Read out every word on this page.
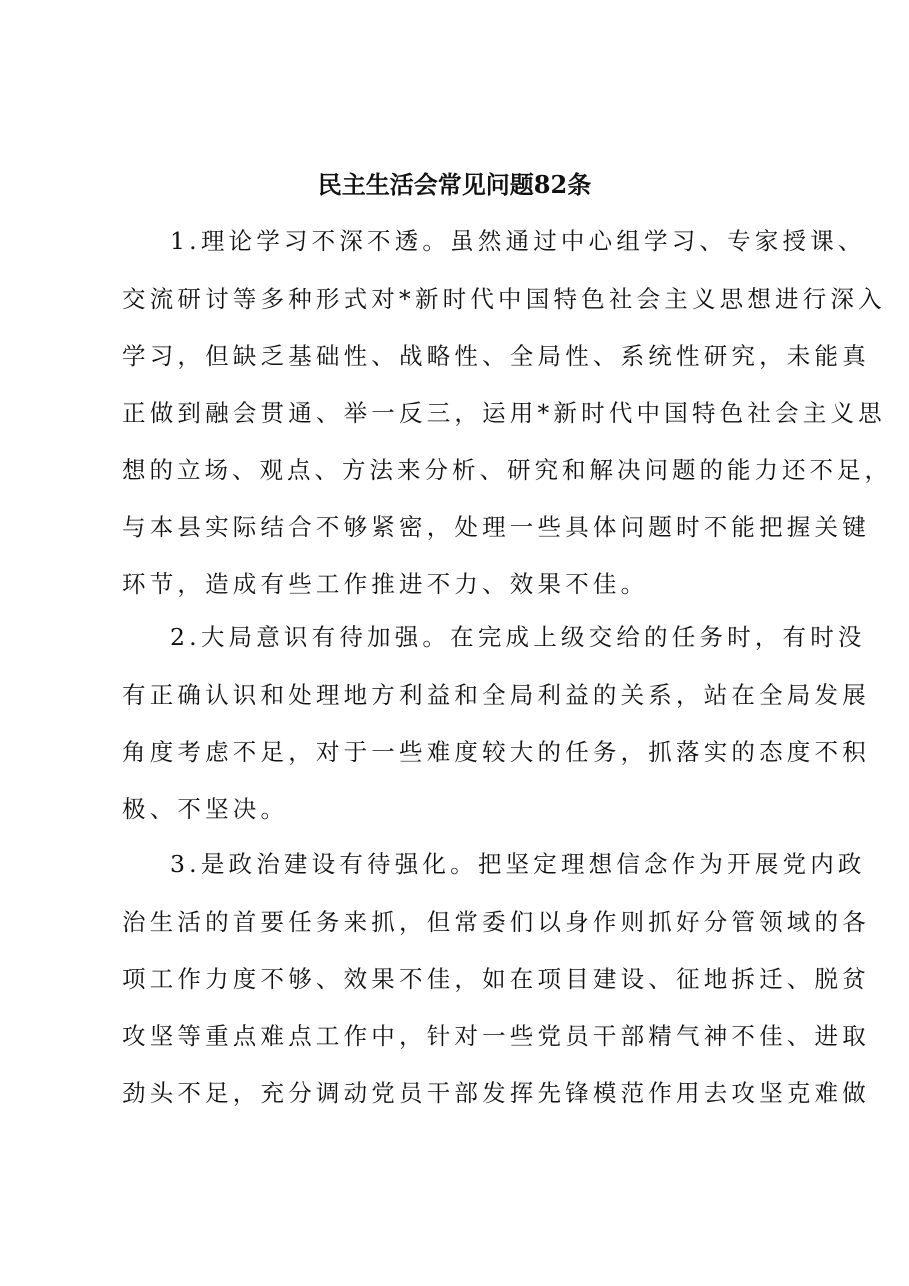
民主生活会常见问题82条
1.理论学习不深不透。虽然通过中心组学习、专家授课、
交流研讨等多种形式对*新时代中国特色社会主义思想进行深入
学习，但缺乏基础性、战略性、全局性、系统性研究，未能真
正做到融会贯通、举一反三，运用*新时代中国特色社会主义思
想的立场、观点、方法来分析、研究和解决问题的能力还不足，
与本县实际结合不够紧密，处理一些具体问题时不能把握关键
环节，造成有些工作推进不力、效果不佳。
2.大局意识有待加强。在完成上级交给的任务时，有时没
有正确认识和处理地方利益和全局利益的关系，站在全局发展
角度考虑不足，对于一些难度较大的任务，抓落实的态度不积
极、不坚决。
3.是政治建设有待强化。把坚定理想信念作为开展党内政
治生活的首要任务来抓，但常委们以身作则抓好分管领域的各
项工作力度不够、效果不佳，如在项目建设、征地拆迁、脱贫
攻坚等重点难点工作中，针对一些党员干部精气神不佳、进取
劲头不足，充分调动党员干部发挥先锋模范作用去攻坚克难做
